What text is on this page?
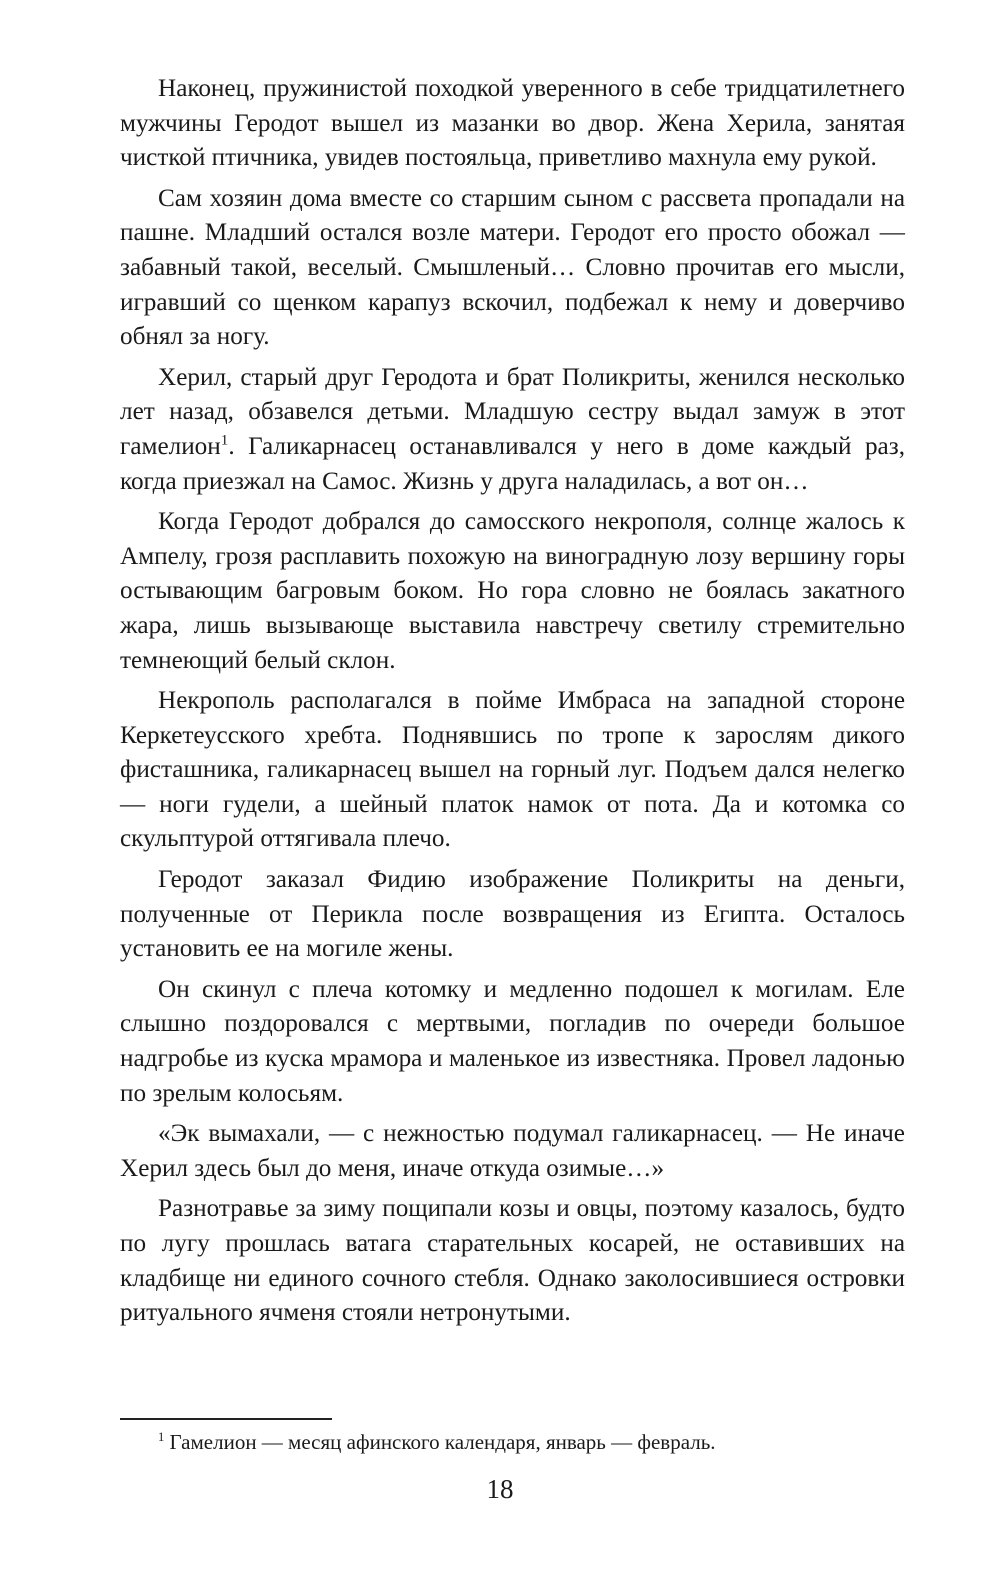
Наконец, пружинистой походкой уверенного в себе тридцатилетнего мужчины Геродот вышел из мазанки во двор. Жена Херила, занятая чисткой птичника, увидев постояльца, приветливо махнула ему рукой.

Сам хозяин дома вместе со старшим сыном с рассвета пропадали на пашне. Младший остался возле матери. Геродот его просто обожал — забавный такой, веселый. Смышленый… Словно прочитав его мысли, игравший со щенком карапуз вскочил, подбежал к нему и доверчиво обнял за ногу.

Херил, старый друг Геродота и брат Поликриты, женился несколько лет назад, обзавелся детьми. Младшую сестру выдал замуж в этот гамелион$^1$. Галикарнасец останавливался у него в доме каждый раз, когда приезжал на Самос. Жизнь у друга наладилась, а вот он…

Когда Геродот добрался до самосского некрополя, солнце жалось к Ампелу, грозя расплавить похожую на виноградную лозу вершину горы остывающим багровым боком. Но гора словно не боялась закатного жара, лишь вызывающе выставила навстречу светилу стремительно темнеющий белый склон.

Некрополь располагался в пойме Имбраса на западной стороне Керкетеусского хребта. Поднявшись по тропе к зарослям дикого фисташника, галикарнасец вышел на горный луг. Подъем дался нелегко — ноги гудели, а шейный платок намок от пота. Да и котомка со скульптурой оттягивала плечо.

Геродот заказал Фидию изображение Поликриты на деньги, полученные от Перикла после возвращения из Египта. Осталось установить ее на могиле жены.

Он скинул с плеча котомку и медленно подошел к могилам. Еле слышно поздоровался с мертвыми, погладив по очереди большое надгробье из куска мрамора и маленькое из известняка. Провел ладонью по зрелым колосьям.

«Эк вымахали, — с нежностью подумал галикарнасец. — Не иначе Херил здесь был до меня, иначе откуда озимые…»

Разнотравье за зиму пощипали козы и овцы, поэтому казалось, будто по лугу прошлась ватага старательных косарей, не оставивших на кладбище ни единого сочного стебля. Однако заколосившиеся островки ритуального ячменя стояли нетронутыми.

$^1$ Гамелион — месяц афинского календаря, январь — февраль.

18
